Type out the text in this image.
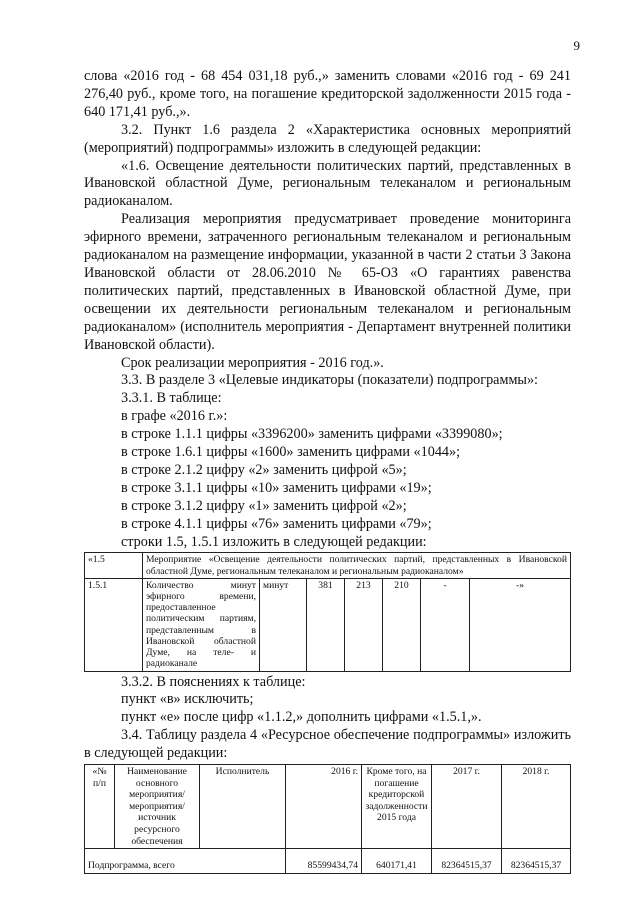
9

слова «2016 год - 68 454 031,18 руб.,» заменить словами «2016 год - 69 241 276,40 руб., кроме того, на погашение кредиторской задолженности 2015 года - 640 171,41 руб.,».

3.2. Пункт 1.6 раздела 2 «Характеристика основных мероприятий (мероприятий) подпрограммы» изложить в следующей редакции:

«1.6. Освещение деятельности политических партий, представленных в Ивановской областной Думе, региональным телеканалом и региональным радиоканалом.

Реализация мероприятия предусматривает проведение мониторинга эфирного времени, затраченного региональным телеканалом и региональным радиоканалом на размещение информации, указанной в части 2 статьи 3 Закона Ивановской области от 28.06.2010 № 65-ОЗ «О гарантиях равенства политических партий, представленных в Ивановской областной Думе, при освещении их деятельности региональным телеканалом и региональным радиоканалом» (исполнитель мероприятия - Департамент внутренней политики Ивановской области).

Срок реализации мероприятия - 2016 год.».

3.3. В разделе 3 «Целевые индикаторы (показатели) подпрограммы»:

3.3.1. В таблице:

в графе «2016 г.»:

в строке 1.1.1 цифры «3396200» заменить цифрами «3399080»;

в строке 1.6.1 цифры «1600» заменить цифрами «1044»;

в строке 2.1.2 цифру «2» заменить цифрой «5»;

в строке 3.1.1 цифры «10» заменить цифрами «19»;

в строке 3.1.2 цифру «1» заменить цифрой «2»;

в строке 4.1.1 цифры «76» заменить цифрами «79»;

строки 1.5, 1.5.1 изложить в следующей редакции:

«1.5	Мероприятие «Освещение деятельности политических партий, представленных в Ивановской областной Думе, региональным телеканалом и региональным радиоканалом»						
1.5.1	Количество минут эфирного времени, предоставленное политическим партиям, представленным в Ивановской областной Думе, на теле- и радиоканале	минут	381	213	210	-	-»

3.3.2. В пояснениях к таблице:

пункт «в» исключить;

пункт «е» после цифр «1.1.2,» дополнить цифрами «1.5.1,».

3.4. Таблицу раздела 4 «Ресурсное обеспечение подпрограммы» изложить в следующей редакции:

«№ п/п	Наименование основного мероприятия/мероприятия/источник ресурсного обеспечения	Исполнитель	2016 г.	Кроме того, на погашение кредиторской задолженности 2015 года	2017 г.	2018 г.
Подпрограмма, всего			85599434,74	640171,41	82364515,37	82364515,37
